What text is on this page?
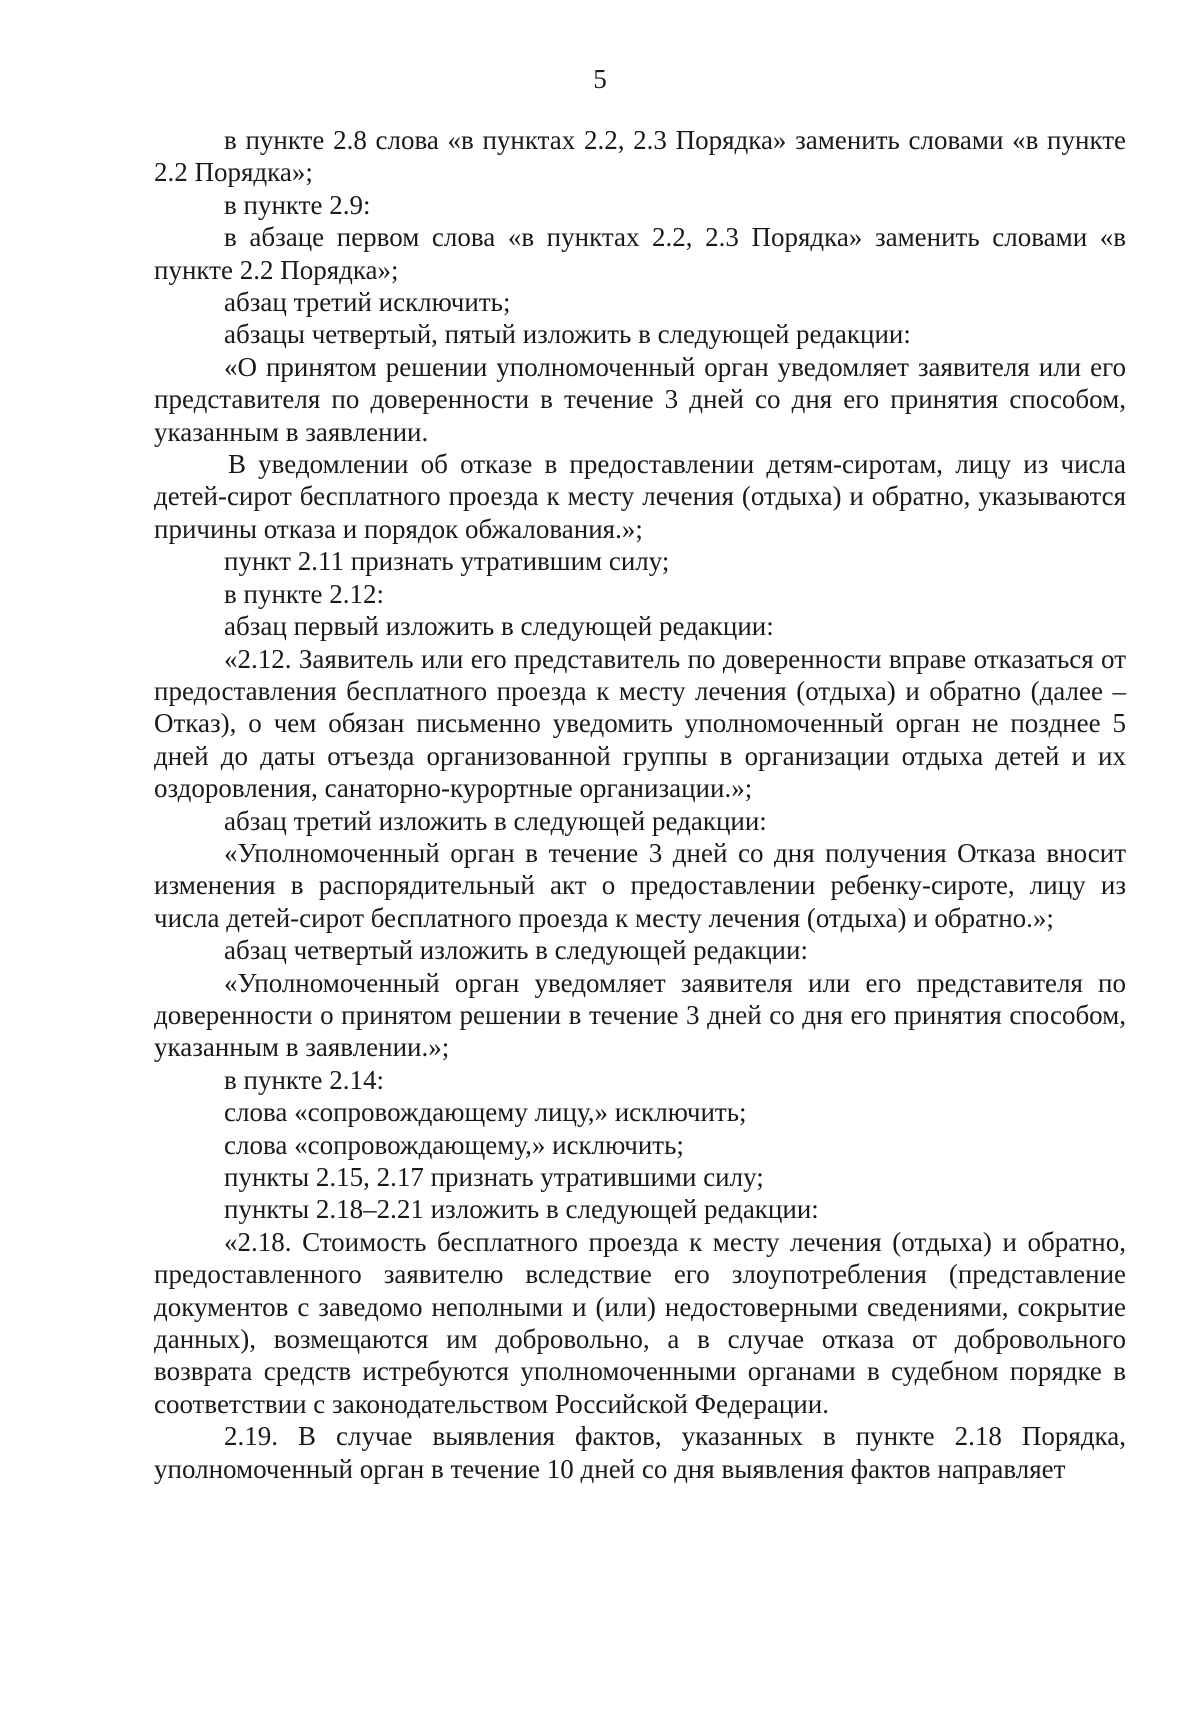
5

в пункте 2.8 слова «в пунктах 2.2, 2.3 Порядка» заменить словами «в пункте 2.2 Порядка»;

в пункте 2.9:

в абзаце первом слова «в пунктах 2.2, 2.3 Порядка» заменить словами «в пункте 2.2 Порядка»;

абзац третий исключить;

абзацы четвертый, пятый изложить в следующей редакции:

«О принятом решении уполномоченный орган уведомляет заявителя или его представителя по доверенности в течение 3 дней со дня его принятия способом, указанным в заявлении.

В уведомлении об отказе в предоставлении детям-сиротам, лицу из числа детей-сирот бесплатного проезда к месту лечения (отдыха) и обратно, указываются причины отказа и порядок обжалования.»;

пункт 2.11 признать утратившим силу;

в пункте 2.12:

абзац первый изложить в следующей редакции:

«2.12. Заявитель или его представитель по доверенности вправе отказаться от предоставления бесплатного проезда к месту лечения (отдыха) и обратно (далее – Отказ), о чем обязан письменно уведомить уполномоченный орган не позднее 5 дней до даты отъезда организованной группы в организации отдыха детей и их оздоровления, санаторно-курортные организации.»;

абзац третий изложить в следующей редакции:

«Уполномоченный орган в течение 3 дней со дня получения Отказа вносит изменения в распорядительный акт о предоставлении ребенку-сироте, лицу из числа детей-сирот бесплатного проезда к месту лечения (отдыха) и обратно.»;

абзац четвертый изложить в следующей редакции:

«Уполномоченный орган уведомляет заявителя или его представителя по доверенности о принятом решении в течение 3 дней со дня его принятия способом, указанным в заявлении.»;

в пункте 2.14:

слова «сопровождающему лицу,» исключить;

слова «сопровождающему,» исключить;

пункты 2.15, 2.17 признать утратившими силу;

пункты 2.18–2.21 изложить в следующей редакции:

«2.18. Стоимость бесплатного проезда к месту лечения (отдыха) и обратно, предоставленного заявителю вследствие его злоупотребления (представление документов с заведомо неполными и (или) недостоверными сведениями, сокрытие данных), возмещаются им добровольно, а в случае отказа от добровольного возврата средств истребуются уполномоченными органами в судебном порядке в соответствии с законодательством Российской Федерации.

2.19. В случае выявления фактов, указанных в пункте 2.18 Порядка, уполномоченный орган в течение 10 дней со дня выявления фактов направляет
